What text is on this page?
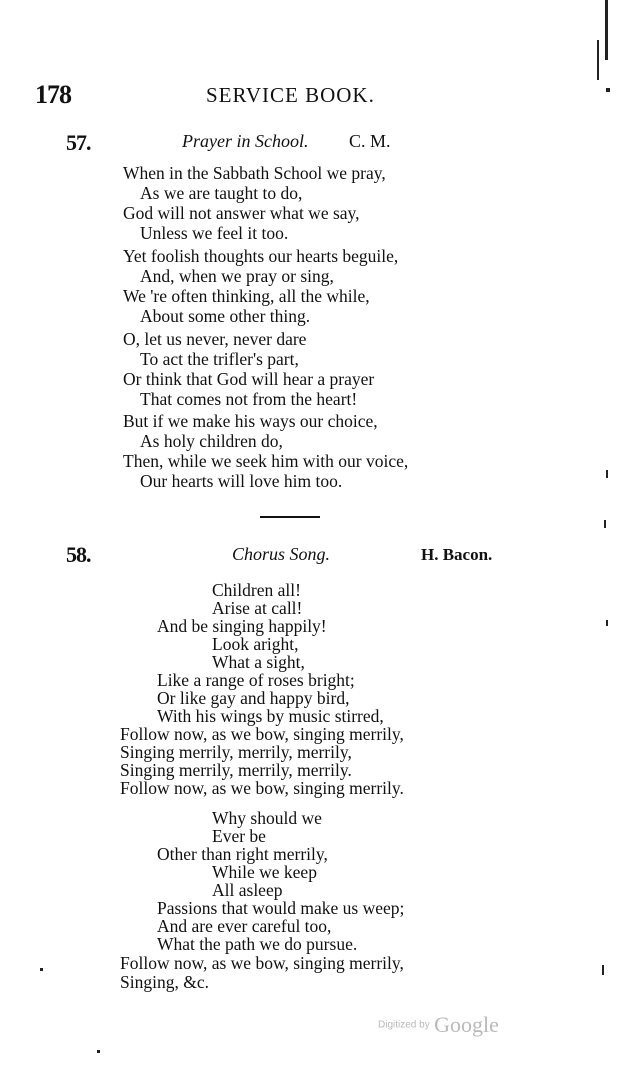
178	SERVICE BOOK.
57.	Prayer in School. C. M.
When in the Sabbath School we pray,
As we are taught to do,
God will not answer what we say,
Unless we feel it too.
Yet foolish thoughts our hearts beguile,
And, when we pray or sing,
We 're often thinking, all the while,
About some other thing.
O, let us never, never dare
To act the trifler's part,
Or think that God will hear a prayer
That comes not from the heart!
But if we make his ways our choice,
As holy children do,
Then, while we seek him with our voice,
Our hearts will love him too.
58.	Chorus Song.	H. Bacon.
Children all!
Arise at call!
And be singing happily!
Look aright,
What a sight,
Like a range of roses bright;
Or like gay and happy bird,
With his wings by music stirred,
Follow now, as we bow, singing merrily,
Singing merrily, merrily, merrily,
Singing merrily, merrily, merrily.
Follow now, as we bow, singing merrily.
Why should we
Ever be
Other than right merrily,
While we keep
All asleep
Passions that would make us weep;
And are ever careful too,
What the path we do pursue.
Follow now, as we bow, singing merrily,
Singing, &c.
Digitized by Google
